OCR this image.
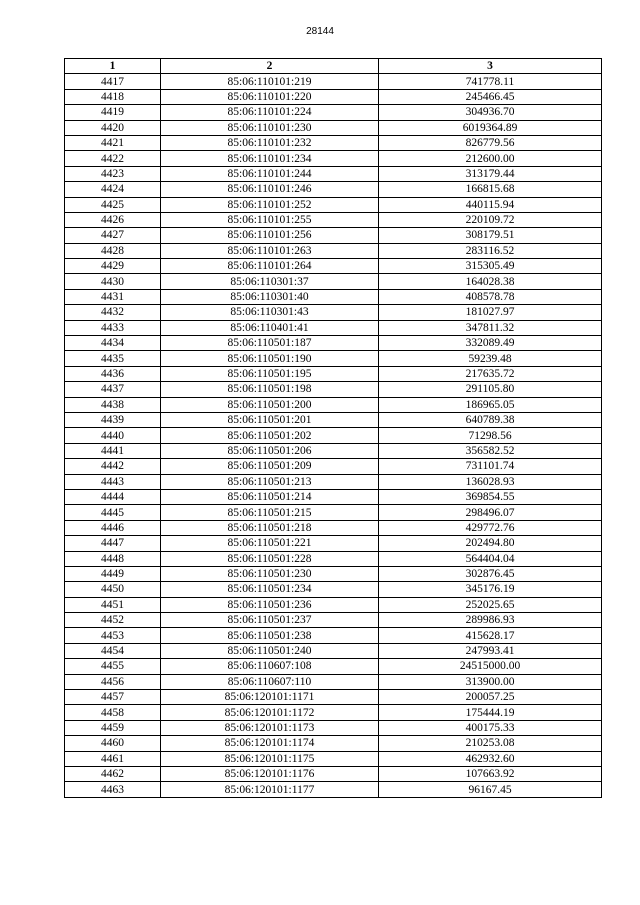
28144
1	2	3
4417	85:06:110101:219	741778.11
4418	85:06:110101:220	245466.45
4419	85:06:110101:224	304936.70
4420	85:06:110101:230	6019364.89
4421	85:06:110101:232	826779.56
4422	85:06:110101:234	212600.00
4423	85:06:110101:244	313179.44
4424	85:06:110101:246	166815.68
4425	85:06:110101:252	440115.94
4426	85:06:110101:255	220109.72
4427	85:06:110101:256	308179.51
4428	85:06:110101:263	283116.52
4429	85:06:110101:264	315305.49
4430	85:06:110301:37	164028.38
4431	85:06:110301:40	408578.78
4432	85:06:110301:43	181027.97
4433	85:06:110401:41	347811.32
4434	85:06:110501:187	332089.49
4435	85:06:110501:190	59239.48
4436	85:06:110501:195	217635.72
4437	85:06:110501:198	291105.80
4438	85:06:110501:200	186965.05
4439	85:06:110501:201	640789.38
4440	85:06:110501:202	71298.56
4441	85:06:110501:206	356582.52
4442	85:06:110501:209	731101.74
4443	85:06:110501:213	136028.93
4444	85:06:110501:214	369854.55
4445	85:06:110501:215	298496.07
4446	85:06:110501:218	429772.76
4447	85:06:110501:221	202494.80
4448	85:06:110501:228	564404.04
4449	85:06:110501:230	302876.45
4450	85:06:110501:234	345176.19
4451	85:06:110501:236	252025.65
4452	85:06:110501:237	289986.93
4453	85:06:110501:238	415628.17
4454	85:06:110501:240	247993.41
4455	85:06:110607:108	24515000.00
4456	85:06:110607:110	313900.00
4457	85:06:120101:1171	200057.25
4458	85:06:120101:1172	175444.19
4459	85:06:120101:1173	400175.33
4460	85:06:120101:1174	210253.08
4461	85:06:120101:1175	462932.60
4462	85:06:120101:1176	107663.92
4463	85:06:120101:1177	96167.45
